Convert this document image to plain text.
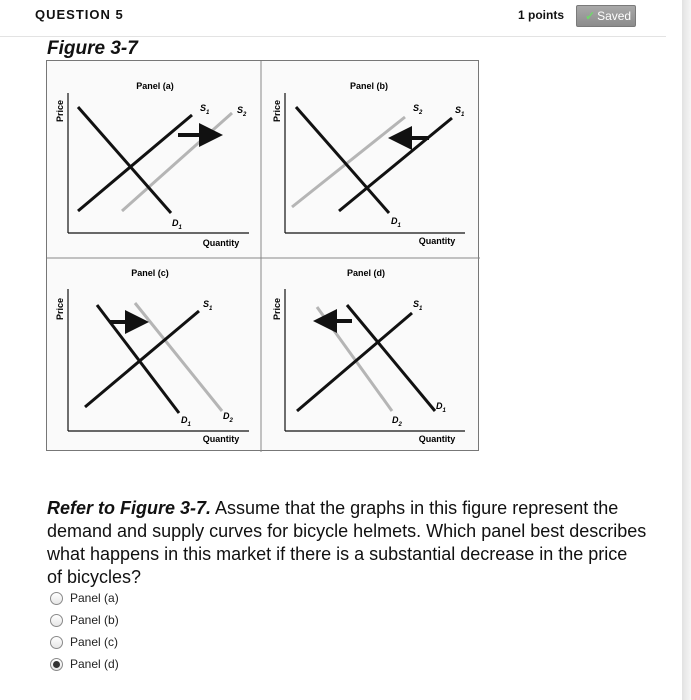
QUESTION 5	1 points	✓ Saved
Figure 3-7
Panel (a)
Price
Quantity
$S_1$	$S_2$
$D_1$
Panel (b)
Price
Quantity
$S_2$	$S_1$
$D_1$
Panel (c)
Price
Quantity
$S_1$
$D_1$
$D_2$
Panel (d)
Price
Quantity
$S_1$
$D_2$
$D_1$
Refer to Figure 3-7. Assume that the graphs in this figure represent the demand and supply curves for bicycle helmets. Which panel best describes what happens in this market if there is a substantial decrease in the price of bicycles?
Panel (a)
Panel (b)
Panel (c)
Panel (d)
